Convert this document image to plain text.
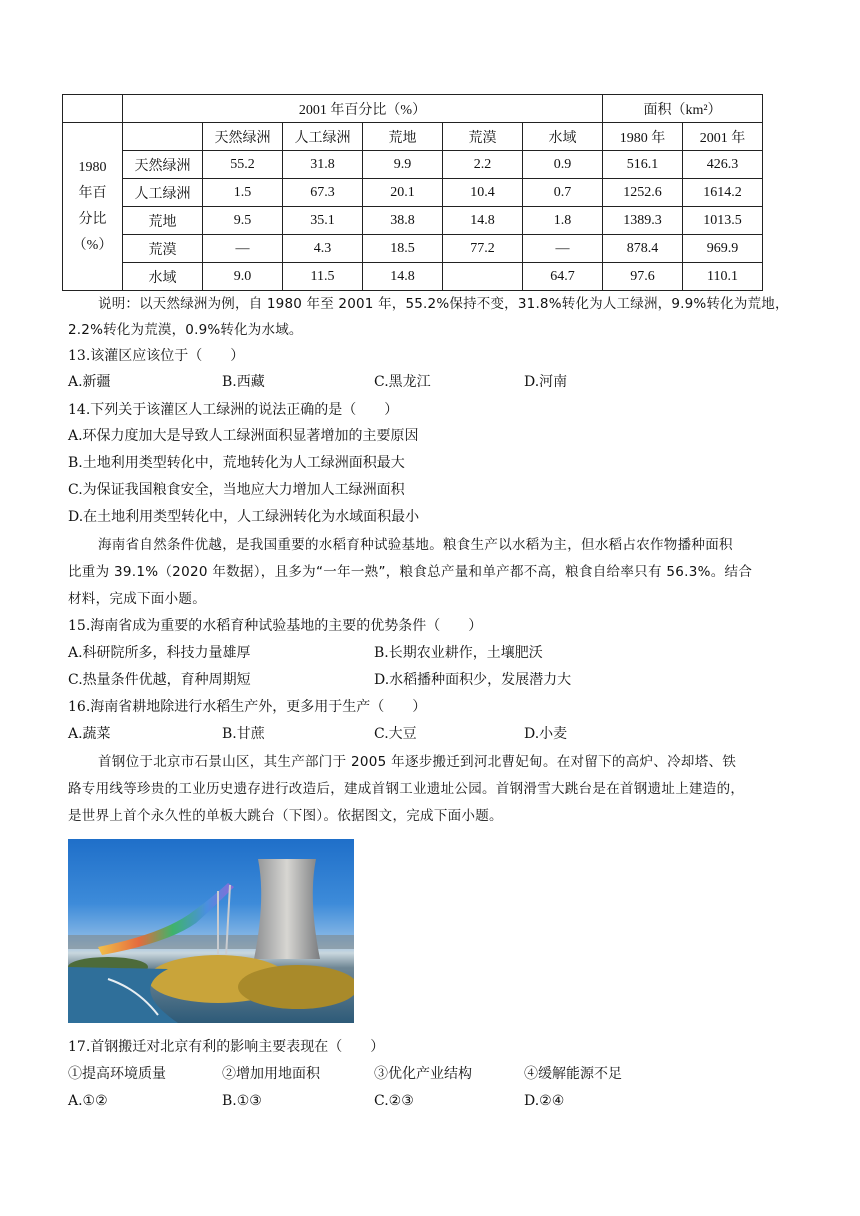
	2001 年百分比（%）						面积（km²）	
1980
年百
分比
（%）		天然绿洲	人工绿洲	荒地	荒漠	水域	1980 年	2001 年
	天然绿洲	55.2	31.8	9.9	2.2	0.9	516.1	426.3
	人工绿洲	1.5	67.3	20.1	10.4	0.7	1252.6	1614.2
	荒地	9.5	35.1	38.8	14.8	1.8	1389.3	1013.5
	荒漠	—	4.3	18.5	77.2	—	878.4	969.9
	水域	9.0	11.5	14.8		64.7	97.6	110.1
说明：以天然绿洲为例，自 1980 年至 2001 年，55.2%保持不变，31.8%转化为人工绿洲，9.9%转化为荒地，
2.2%转化为荒漠，0.9%转化为水域。
13.该灌区应该位于（　　）
A.新疆	B.西藏	C.黑龙江	D.河南
14.下列关于该灌区人工绿洲的说法正确的是（　　）
A.环保力度加大是导致人工绿洲面积显著增加的主要原因
B.土地利用类型转化中，荒地转化为人工绿洲面积最大
C.为保证我国粮食安全，当地应大力增加人工绿洲面积
D.在土地利用类型转化中，人工绿洲转化为水域面积最小
海南省自然条件优越，是我国重要的水稻育种试验基地。粮食生产以水稻为主，但水稻占农作物播种面积
比重为 39.1%（2020 年数据），且多为“一年一熟”，粮食总产量和单产都不高，粮食自给率只有 56.3%。结合
材料，完成下面小题。
15.海南省成为重要的水稻育种试验基地的主要的优势条件（　　）
A.科研院所多，科技力量雄厚	B.长期农业耕作，土壤肥沃
C.热量条件优越，育种周期短	D.水稻播种面积少，发展潜力大
16.海南省耕地除进行水稻生产外，更多用于生产（　　）
A.蔬菜	B.甘蔗	C.大豆	D.小麦
首钢位于北京市石景山区，其生产部门于 2005 年逐步搬迁到河北曹妃甸。在对留下的高炉、冷却塔、铁
路专用线等珍贵的工业历史遗存进行改造后，建成首钢工业遗址公园。首钢滑雪大跳台是在首钢遗址上建造的，
是世界上首个永久性的单板大跳台（下图）。依据图文，完成下面小题。
17.首钢搬迁对北京有利的影响主要表现在（　　）
①提高环境质量	②增加用地面积	③优化产业结构	④缓解能源不足
A.①②	B.①③	C.②③	D.②④
